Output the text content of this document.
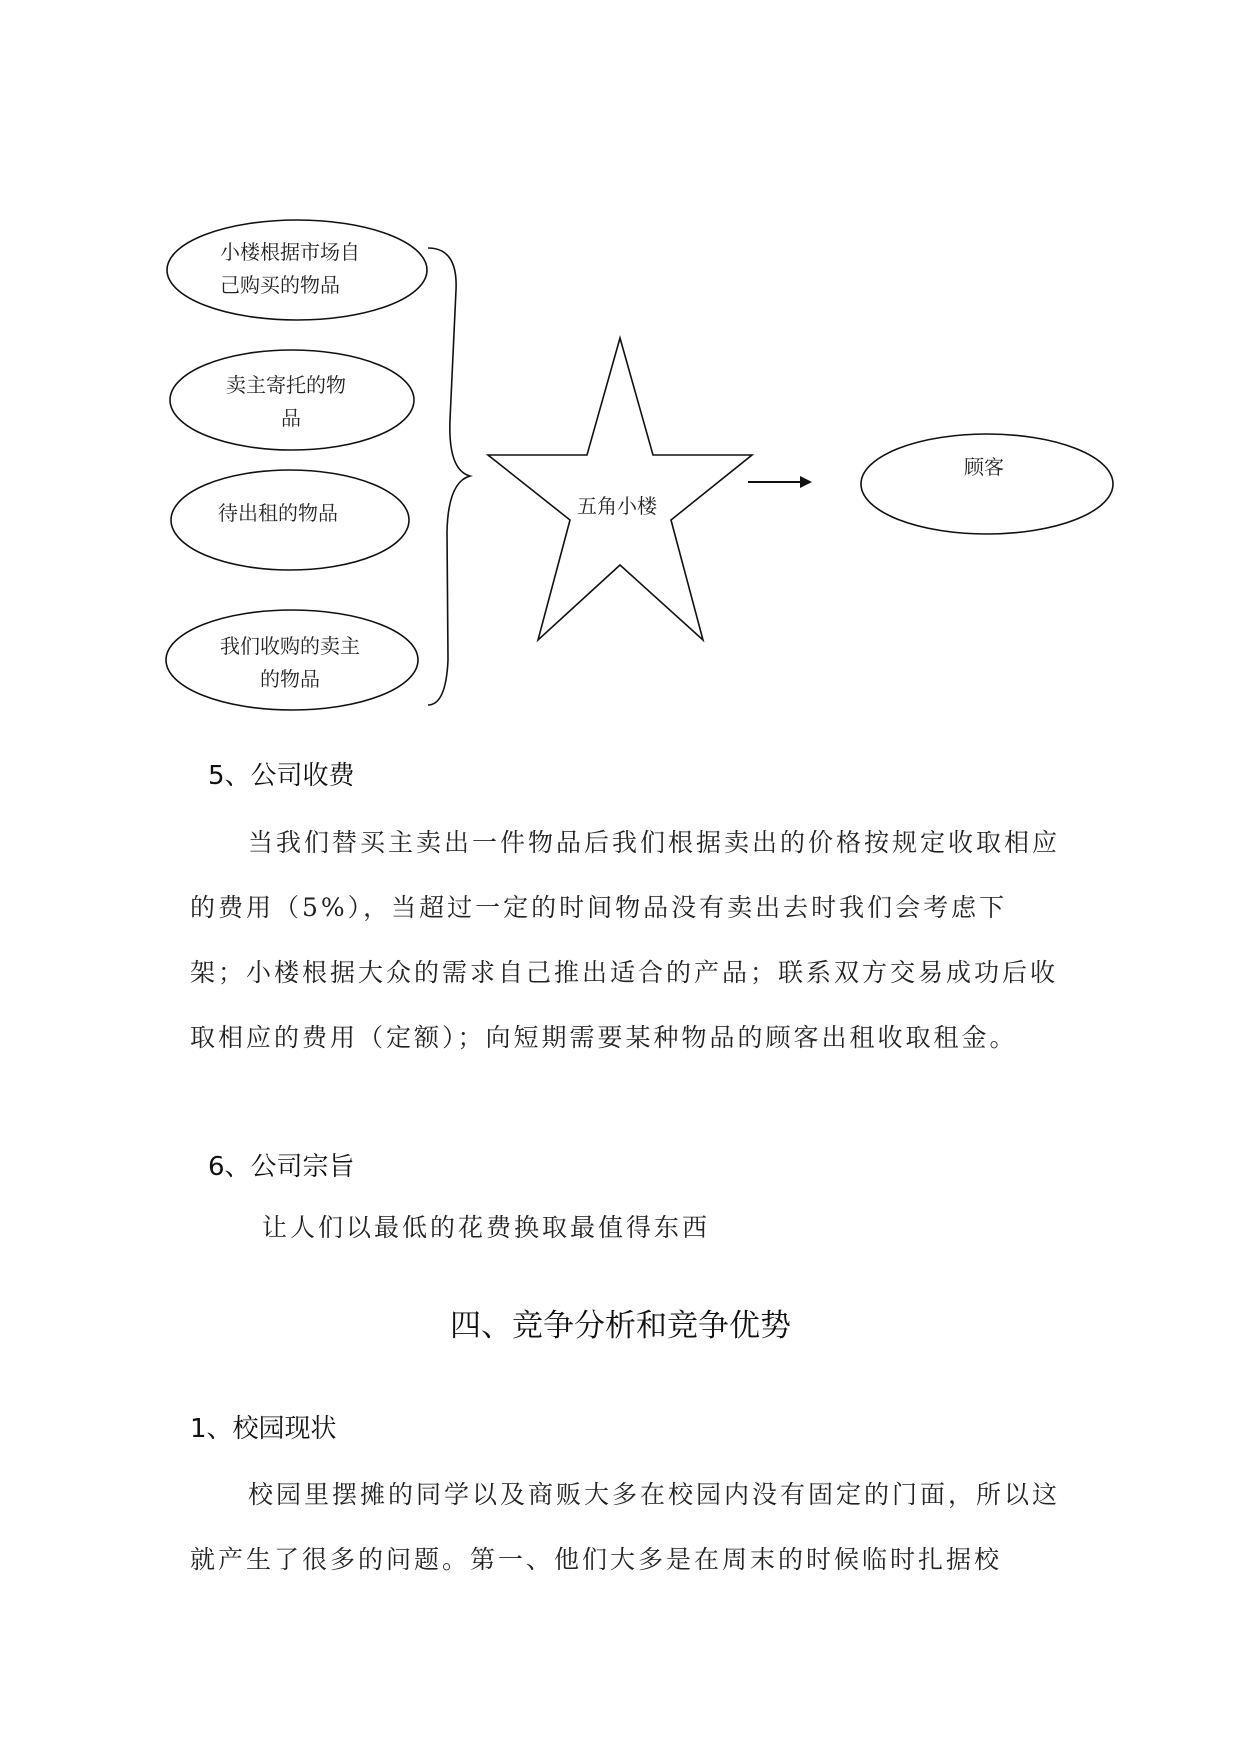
小楼根据市场自
己购买的物品
卖主寄托的物
品
待出租的物品
我们收购的卖主
的物品
五角小楼
顾客
5、公司收费

当我们替买主卖出一件物品后我们根据卖出的价格按规定收取相应的费用（5%），当超过一定的时间物品没有卖出去时我们会考虑下架；小楼根据大众的需求自己推出适合的产品；联系双方交易成功后收取相应的费用（定额）；向短期需要某种物品的顾客出租收取租金。

6、公司宗旨

让人们以最低的花费换取最值得东西

四、竞争分析和竞争优势
1、校园现状

校园里摆摊的同学以及商贩大多在校园内没有固定的门面，所以这就产生了很多的问题。第一、他们大多是在周末的时候临时扎据校
